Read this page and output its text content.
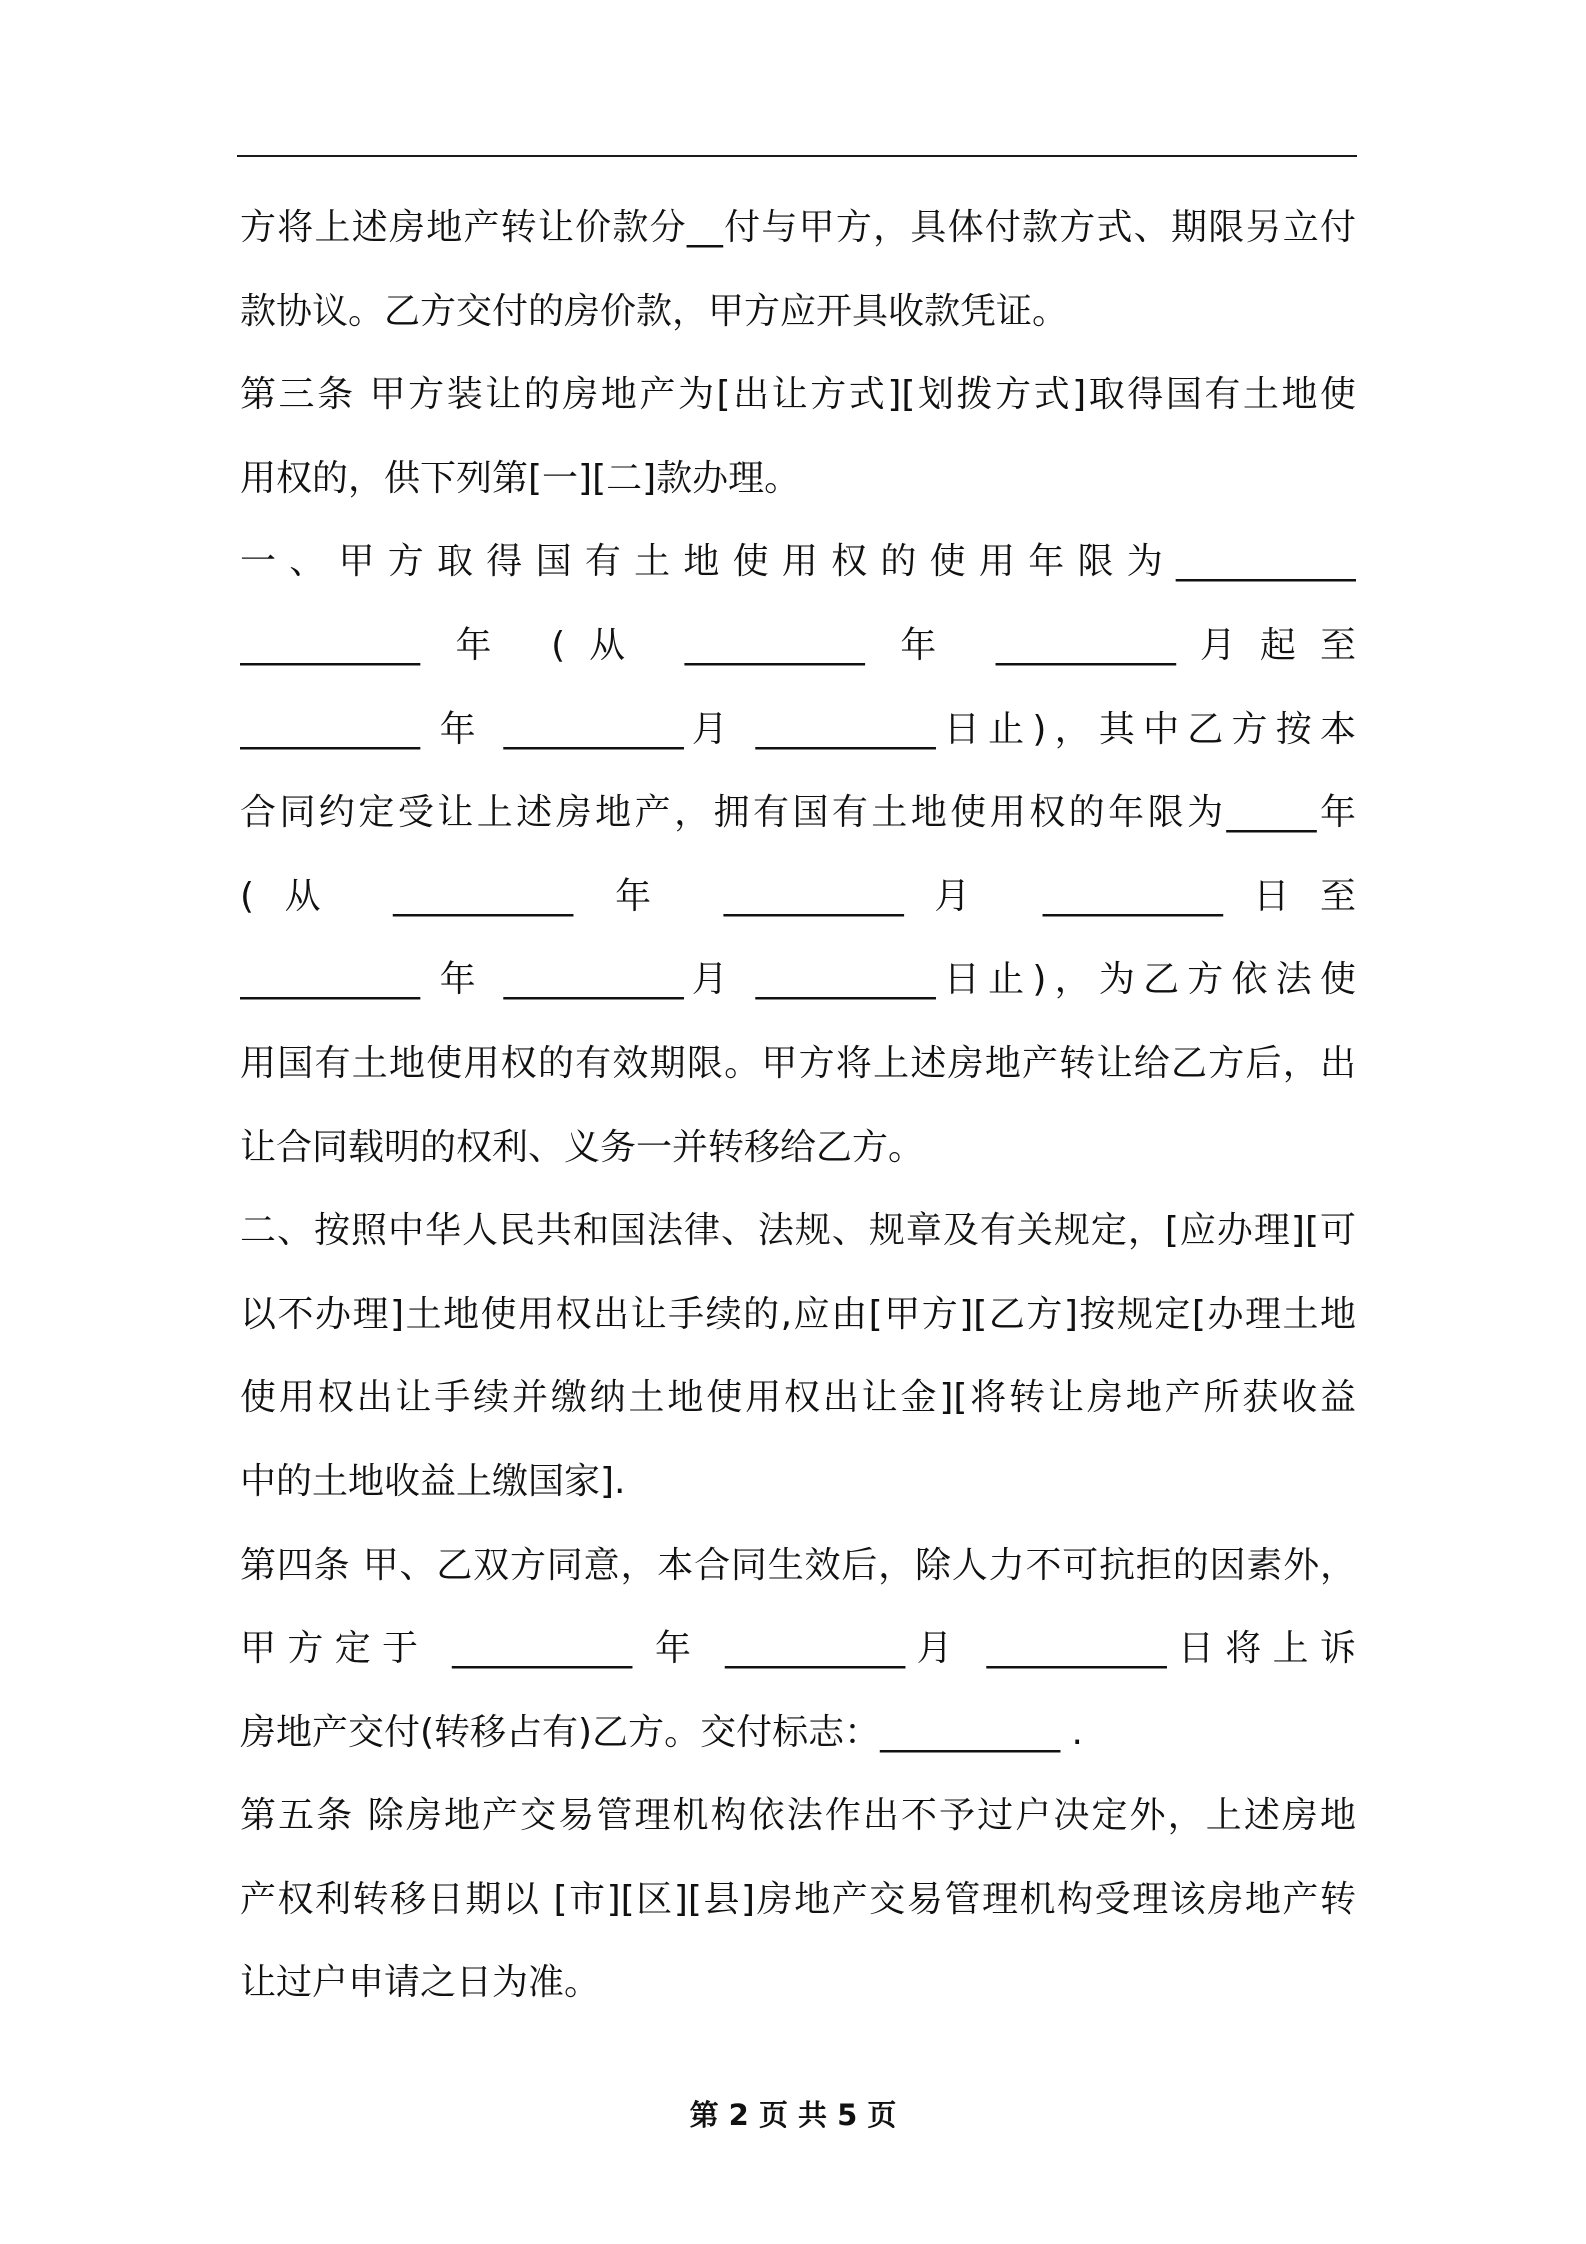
方将上述房地产转让价款分__付与甲方，具体付款方式、期限另立付
款协议。乙方交付的房价款，甲方应开具收款凭证。
第三条 甲方装让的房地产为[出让方式][划拨方式]取得国有土地使
用权的，供下列第[一][二]款办理。
一、甲方取得国有土地使用权的使用年限为__________
__________ 年 (从 __________ 年 __________月起至
__________ 年 __________月 __________日止)，其中乙方按本
合同约定受让上述房地产，拥有国有土地使用权的年限为_____年
(从 __________ 年 __________月 __________日至
__________ 年 __________月 __________日止)，为乙方依法使
用国有土地使用权的有效期限。甲方将上述房地产转让给乙方后，出
让合同载明的权利、义务一并转移给乙方。
二、按照中华人民共和国法律、法规、规章及有关规定，[应办理][可
以不办理]土地使用权出让手续的,应由[甲方][乙方]按规定[办理土地
使用权出让手续并缴纳土地使用权出让金][将转让房地产所获收益
中的土地收益上缴国家].
第四条 甲、乙双方同意，本合同生效后，除人力不可抗拒的因素外，
甲方定于 __________ 年 __________月 __________日将上诉
房地产交付(转移占有)乙方。交付标志：__________ .
第五条 除房地产交易管理机构依法作出不予过户决定外，上述房地
产权利转移日期以 [市][区][县]房地产交易管理机构受理该房地产转
让过户申请之日为准。
第 2 页 共 5 页
